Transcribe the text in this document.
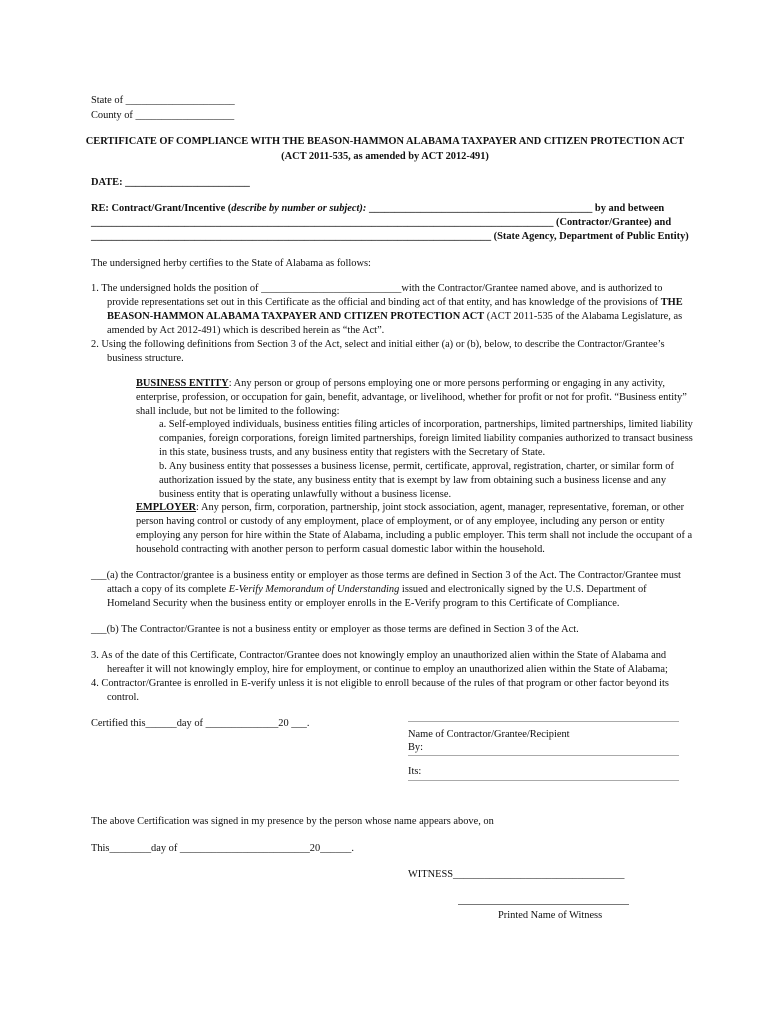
State of _____________________
County of ___________________
CERTIFICATE OF COMPLIANCE WITH THE BEASON-HAMMON ALABAMA TAXPAYER AND CITIZEN PROTECTION ACT
(ACT 2011-535, as amended by ACT 2012-491)
DATE: ________________________
RE: Contract/Grant/Incentive (describe by number or subject): ___________________________________________ by and between
_________________________________________________________________________________________ (Contractor/Grantee) and
_____________________________________________________________________________ (State Agency, Department of Public Entity)
The undersigned herby certifies to the State of Alabama as follows:
1. The undersigned holds the position of ___________________________with the Contractor/Grantee named above, and is authorized to
provide representations set out in this Certificate as the official and binding act of that entity, and has knowledge of the provisions of THE
BEASON-HAMMON ALABAMA TAXPAYER AND CITIZEN PROTECTION ACT (ACT 2011-535 of the Alabama Legislature, as
amended by Act 2012-491) which is described herein as “the Act”.
2. Using the following definitions from Section 3 of the Act, select and initial either (a) or (b), below, to describe the Contractor/Grantee’s
business structure.
BUSINESS ENTITY: Any person or group of persons employing one or more persons performing or engaging in any activity,
enterprise, profession, or occupation for gain, benefit, advantage, or livelihood, whether for profit or not for profit. “Business entity”
shall include, but not be limited to the following:
a. Self-employed individuals, business entities filing articles of incorporation, partnerships, limited partnerships, limited liability
companies, foreign corporations, foreign limited partnerships, foreign limited liability companies authorized to transact business
in this state, business trusts, and any business entity that registers with the Secretary of State.
b. Any business entity that possesses a business license, permit, certificate, approval, registration, charter, or similar form of
authorization issued by the state, any business entity that is exempt by law from obtaining such a business license and any
business entity that is operating unlawfully without a business license.
EMPLOYER: Any person, firm, corporation, partnership, joint stock association, agent, manager, representative, foreman, or other
person having control or custody of any employment, place of employment, or of any employee, including any person or entity
employing any person for hire within the State of Alabama, including a public employer. This term shall not include the occupant of a
household contracting with another person to perform casual domestic labor within the household.
___(a) the Contractor/grantee is a business entity or employer as those terms are defined in Section 3 of the Act. The Contractor/Grantee must
attach a copy of its complete E-Verify Memorandum of Understanding issued and electronically signed by the U.S. Department of
Homeland Security when the business entity or employer enrolls in the E-Verify program to this Certificate of Compliance.
___(b) The Contractor/Grantee is not a business entity or employer as those terms are defined in Section 3 of the Act.
3. As of the date of this Certificate, Contractor/Grantee does not knowingly employ an unauthorized alien within the State of Alabama and
hereafter it will not knowingly employ, hire for employment, or continue to employ an unauthorized alien within the State of Alabama;
4. Contractor/Grantee is enrolled in E-verify unless it is not eligible to enroll because of the rules of that program or other factor beyond its
control.
Certified this______day of ______________20 ___.
Name of Contractor/Grantee/Recipient
By:
Its:
The above Certification was signed in my presence by the person whose name appears above, on
This________day of _________________________20______.
WITNESS_________________________________
Printed Name of Witness
